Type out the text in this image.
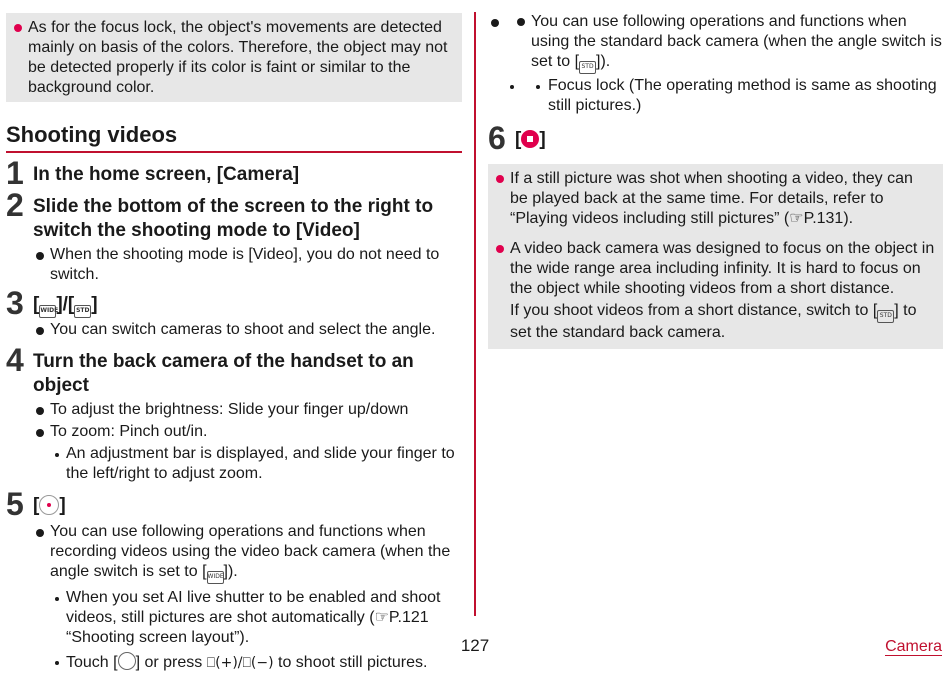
As for the focus lock, the object's movements are detected mainly on basis of the colors. Therefore, the object may not be detected properly if its color is faint or similar to the background color.
Shooting videos
1 In the home screen, [Camera]
2 Slide the bottom of the screen to the right to switch the shooting mode to [Video]
When the shooting mode is [Video], you do not need to switch.
3 [WIDE]/[ STD]
You can switch cameras to shoot and select the angle.
4 Turn the back camera of the handset to an object
To adjust the brightness: Slide your finger up/down
To zoom: Pinch out/in.
An adjustment bar is displayed, and slide your finger to the left/right to adjust zoom.
5 [ ]
You can use following operations and functions when recording videos using the video back camera (when the angle switch is set to [WIDE]).
When you set AI live shutter to be enabled and shoot videos, still pictures are shot automatically (☞P.121 “Shooting screen layout”).
Touch [ ] or press ⎕(+)/⎕(−) to shoot still pictures.
You can use following operations and functions when using the standard back camera (when the angle switch is set to [ STD ]).
Focus lock (The operating method is same as shooting still pictures.)
6 [ ]
If a still picture was shot when shooting a video, they can be played back at the same time. For details, refer to “Playing videos including still pictures” (☞P.131).
A video back camera was designed to focus on the object in the wide range area including infinity. It is hard to focus on the object while shooting videos from a short distance.
If you shoot videos from a short distance, switch to [ STD ] to set the standard back camera.
127	Camera
